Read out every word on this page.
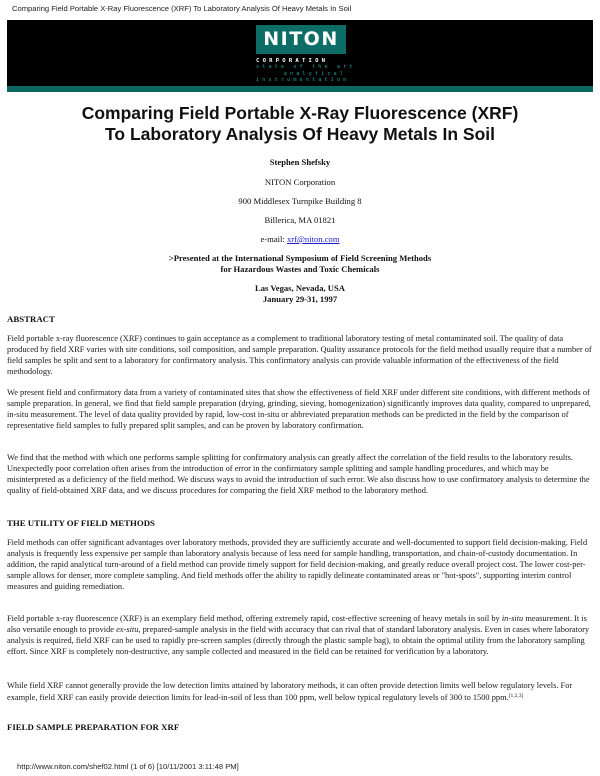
Comparing Field Portable X-Ray Fluorescence (XRF) To Laboratory Analysis Of Heavy Metals In Soil
NITON
CORPORATION
state of the art
analytical
instrumentation
Comparing Field Portable X-Ray Fluorescence (XRF)
To Laboratory Analysis Of Heavy Metals In Soil
Stephen Shefsky
NITON Corporation
900 Middlesex Turnpike Building 8
Billerica, MA 01821
e-mail: xrf@niton.com
>Presented at the International Symposium of Field Screening Methods
for Hazardous Wastes and Toxic Chemicals
Las Vegas, Nevada, USA
January 29-31, 1997
ABSTRACT
Field portable x-ray fluorescence (XRF) continues to gain acceptance as a complement to traditional laboratory testing of metal contaminated soil. The quality of data produced by field XRF varies with site conditions, soil composition, and sample preparation. Quality assurance protocols for the field method usually require that a number of field samples be split and sent to a laboratory for confirmatory analysis. This confirmatory analysis can provide valuable information of the effectiveness of the field methodology.
We present field and confirmatory data from a variety of contaminated sites that show the effectiveness of field XRF under different site conditions, with different methods of sample preparation. In general, we find that field sample preparation (drying, grinding, sieving, homogenization) significantly improves data quality, compared to unprepared, in-situ measurement. The level of data quality provided by rapid, low-cost in-situ or abbreviated preparation methods can be predicted in the field by the comparison of representative field samples to fully prepared split samples, and can be proven by laboratory confirmation.
We find that the method with which one performs sample splitting for confirmatory analysis can greatly affect the correlation of the field results to the laboratory results. Unexpectedly poor correlation often arises from the introduction of error in the confirmatory sample splitting and sample handling procedures, and which may be misinterpreted as a deficiency of the field method. We discuss ways to avoid the introduction of such error. We also discuss how to use confirmatory analysis to determine the quality of field-obtained XRF data, and we discuss procedures for comparing the field XRF method to the laboratory method.
THE UTILITY OF FIELD METHODS
Field methods can offer significant advantages over laboratory methods, provided they are sufficiently accurate and well-documented to support field decision-making. Field analysis is frequently less expensive per sample than laboratory analysis because of less need for sample handling, transportation, and chain-of-custody documentation. In addition, the rapid analytical turn-around of a field method can provide timely support for field decision-making, and greatly reduce overall project cost. The lower cost-per-sample allows for denser, more complete sampling. And field methods offer the ability to rapidly delineate contaminated areas or "hot-spots", supporting interim control measures and guiding remediation.
Field portable x-ray fluorescence (XRF) is an exemplary field method, offering extremely rapid, cost-effective screening of heavy metals in soil by in-situ measurement. It is also versatile enough to provide ex-situ, prepared-sample analysis in the field with accuracy that can rival that of standard laboratory analysis. Even in cases where laboratory analysis is required, field XRF can be used to rapidly pre-screen samples (directly through the plastic sample bag), to obtain the optimal utility from the laboratory sampling effort. Since XRF is completely non-destructive, any sample collected and measured in the field can be retained for verification by a laboratory.
While field XRF cannot generally provide the low detection limits attained by laboratory methods, it can often provide detection limits well below regulatory levels. For example, field XRF can easily provide detection limits for lead-in-soil of less than 100 ppm, well below typical regulatory levels of 300 to 1500 ppm.[1,2,3]
FIELD SAMPLE PREPARATION FOR XRF
http://www.niton.com/shef02.html (1 of 6) [10/11/2001 3:11:48 PM]
